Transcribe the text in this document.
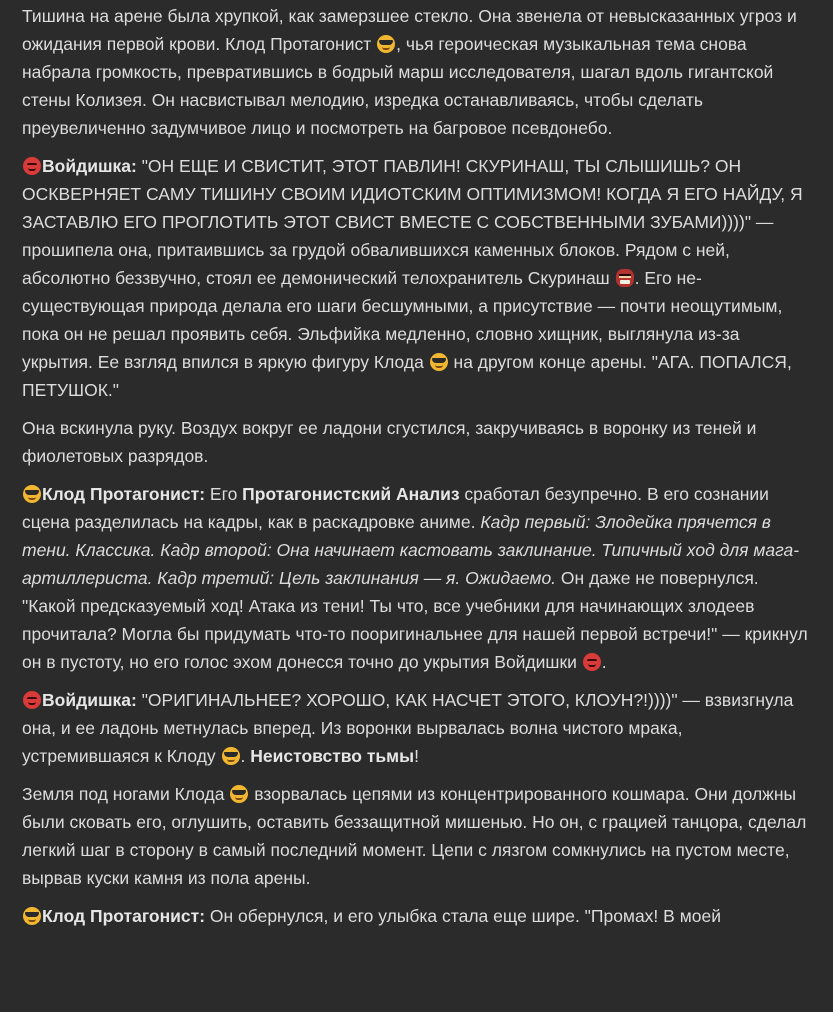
Тишина на арене была хрупкой, как замерзшее стекло. Она звенела от невысказанных угроз и ожидания первой крови. Клод Протагонист , чья героическая музыкальная тема снова набрала громкость, превратившись в бодрый марш исследователя, шагал вдоль гигантской стены Колизея. Он насвистывал мелодию, изредка останавливаясь, чтобы сделать преувеличенно задумчивое лицо и посмотреть на багровое псевдонебо.

Войдишка: "ОН ЕЩЕ И СВИСТИТ, ЭТОТ ПАВЛИН! СКУРИНАШ, ТЫ СЛЫШИШЬ? ОН ОСКВЕРНЯЕТ САМУ ТИШИНУ СВОИМ ИДИОТСКИМ ОПТИМИЗМОМ! КОГДА Я ЕГО НАЙДУ, Я ЗАСТАВЛЮ ЕГО ПРОГЛОТИТЬ ЭТОТ СВИСТ ВМЕСТЕ С СОБСТВЕННЫМИ ЗУБАМИ))))" — прошипела она, притаившись за грудой обвалившихся каменных блоков. Рядом с ней, абсолютно беззвучно, стоял ее демонический телохранитель Скуринаш . Его не-существующая природа делала его шаги бесшумными, а присутствие — почти неощутимым, пока он не решал проявить себя. Эльфийка медленно, словно хищник, выглянула из-за укрытия. Ее взгляд впился в яркую фигуру Клода  на другом конце арены. "АГА. ПОПАЛСЯ, ПЕТУШОК."

Она вскинула руку. Воздух вокруг ее ладони сгустился, закручиваясь в воронку из теней и фиолетовых разрядов.

Клод Протагонист: Его Протагонистский Анализ сработал безупречно. В его сознании сцена разделилась на кадры, как в раскадровке аниме. Кадр первый: Злодейка прячется в тени. Классика. Кадр второй: Она начинает кастовать заклинание. Типичный ход для мага-артиллериста. Кадр третий: Цель заклинания — я. Ожидаемо. Он даже не повернулся. "Какой предсказуемый ход! Атака из тени! Ты что, все учебники для начинающих злодеев прочитала? Могла бы придумать что-то пооригинальнее для нашей первой встречи!" — крикнул он в пустоту, но его голос эхом донесся точно до укрытия Войдишки .

Войдишка: "ОРИГИНАЛЬНЕЕ? ХОРОШО, КАК НАСЧЕТ ЭТОГО, КЛОУН?!))))" — взвизгнула она, и ее ладонь метнулась вперед. Из воронки вырвалась волна чистого мрака, устремившаяся к Клоду . Неистовство тьмы!

Земля под ногами Клода  взорвалась цепями из концентрированного кошмара. Они должны были сковать его, оглушить, оставить беззащитной мишенью. Но он, с грацией танцора, сделал легкий шаг в сторону в самый последний момент. Цепи с лязгом сомкнулись на пустом месте, вырвав куски камня из пола арены.

Клод Протагонист: Он обернулся, и его улыбка стала еще шире. "Промах! В моей
